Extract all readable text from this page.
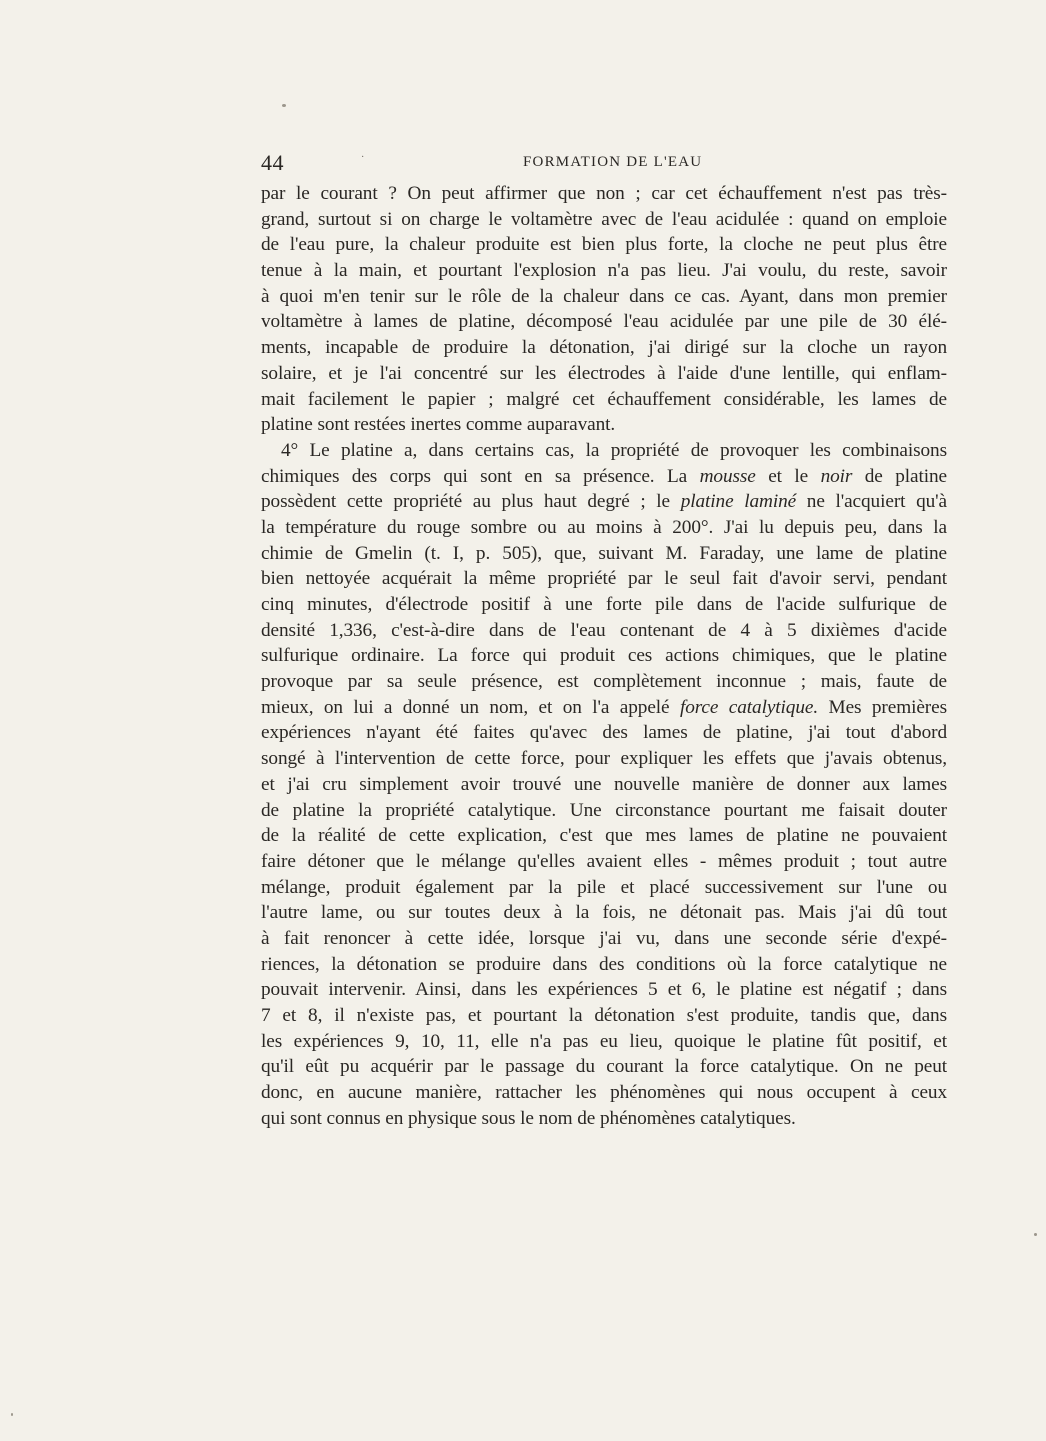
44	·	FORMATION DE L'EAU
par le courant ? On peut affirmer que non ; car cet échauffement n'est pas très-
grand, surtout si on charge le voltamètre avec de l'eau acidulée : quand on emploie
de l'eau pure, la chaleur produite est bien plus forte, la cloche ne peut plus être
tenue à la main, et pourtant l'explosion n'a pas lieu. J'ai voulu, du reste, savoir
à quoi m'en tenir sur le rôle de la chaleur dans ce cas. Ayant, dans mon premier
voltamètre à lames de platine, décomposé l'eau acidulée par une pile de 30 élé-
ments, incapable de produire la détonation, j'ai dirigé sur la cloche un rayon
solaire, et je l'ai concentré sur les électrodes à l'aide d'une lentille, qui enflam-
mait facilement le papier ; malgré cet échauffement considérable, les lames de
platine sont restées inertes comme auparavant.
4° Le platine a, dans certains cas, la propriété de provoquer les combinaisons
chimiques des corps qui sont en sa présence. La mousse et le noir de platine
possèdent cette propriété au plus haut degré ; le platine laminé ne l'acquiert qu'à
la température du rouge sombre ou au moins à 200°. J'ai lu depuis peu, dans la
chimie de Gmelin (t. I, p. 505), que, suivant M. Faraday, une lame de platine
bien nettoyée acquérait la même propriété par le seul fait d'avoir servi, pendant
cinq minutes, d'électrode positif à une forte pile dans de l'acide sulfurique de
densité 1,336, c'est-à-dire dans de l'eau contenant de 4 à 5 dixièmes d'acide
sulfurique ordinaire. La force qui produit ces actions chimiques, que le platine
provoque par sa seule présence, est complètement inconnue ; mais, faute de
mieux, on lui a donné un nom, et on l'a appelé force catalytique. Mes premières
expériences n'ayant été faites qu'avec des lames de platine, j'ai tout d'abord
songé à l'intervention de cette force, pour expliquer les effets que j'avais obtenus,
et j'ai cru simplement avoir trouvé une nouvelle manière de donner aux lames
de platine la propriété catalytique. Une circonstance pourtant me faisait douter
de la réalité de cette explication, c'est que mes lames de platine ne pouvaient
faire détoner que le mélange qu'elles avaient elles - mêmes produit ; tout autre
mélange, produit également par la pile et placé successivement sur l'une ou
l'autre lame, ou sur toutes deux à la fois, ne détonait pas. Mais j'ai dû tout
à fait renoncer à cette idée, lorsque j'ai vu, dans une seconde série d'expé-
riences, la détonation se produire dans des conditions où la force catalytique ne
pouvait intervenir. Ainsi, dans les expériences 5 et 6, le platine est négatif ; dans
7 et 8, il n'existe pas, et pourtant la détonation s'est produite, tandis que, dans
les expériences 9, 10, 11, elle n'a pas eu lieu, quoique le platine fût positif, et
qu'il eût pu acquérir par le passage du courant la force catalytique. On ne peut
donc, en aucune manière, rattacher les phénomènes qui nous occupent à ceux
qui sont connus en physique sous le nom de phénomènes catalytiques.
